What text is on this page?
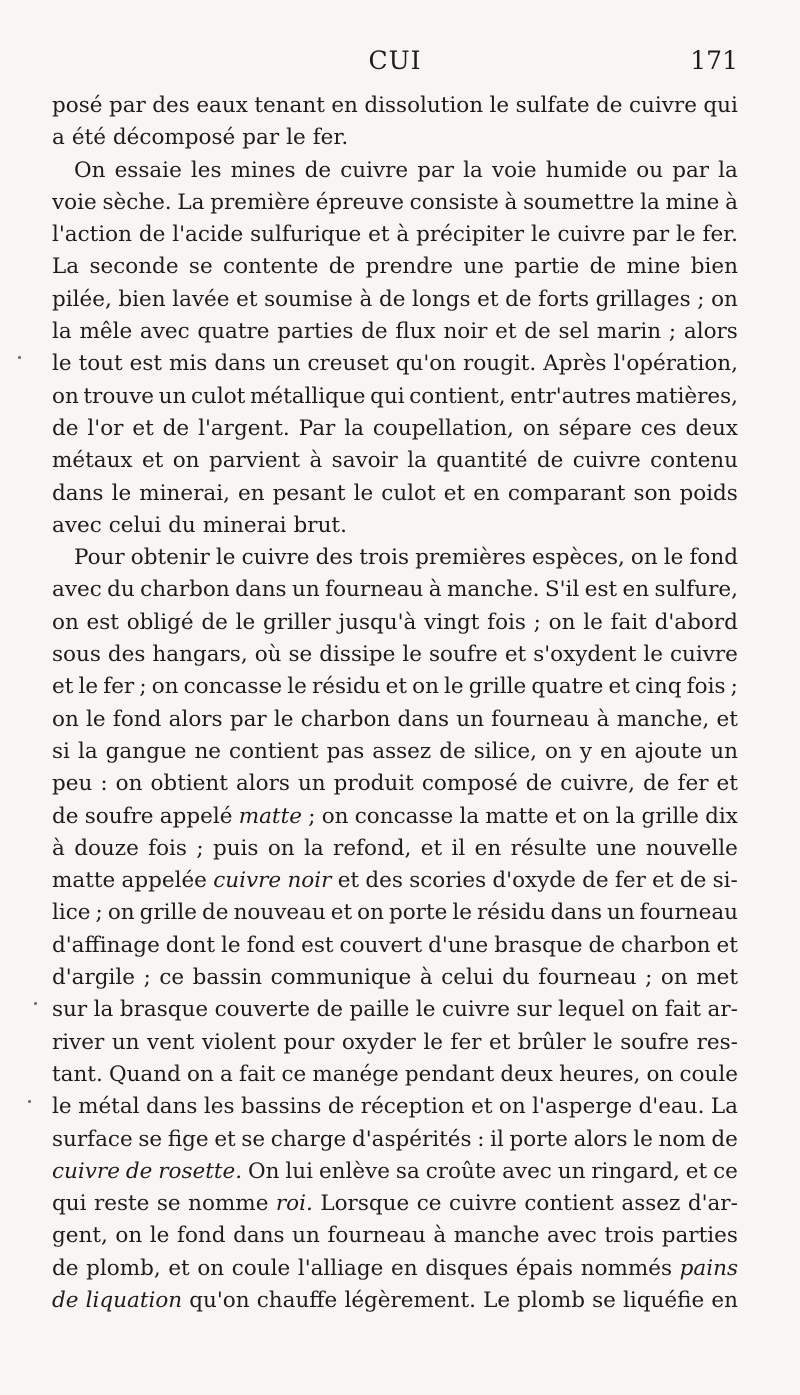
CUI	171
posé par des eaux tenant en dissolution le sulfate de cuivre qui
a été décomposé par le fer.
On essaie les mines de cuivre par la voie humide ou par la
voie sèche. La première épreuve consiste à soumettre la mine à
l'action de l'acide sulfurique et à précipiter le cuivre par le fer.
La seconde se contente de prendre une partie de mine bien
pilée, bien lavée et soumise à de longs et de forts grillages ; on
la mêle avec quatre parties de flux noir et de sel marin ; alors
le tout est mis dans un creuset qu'on rougit. Après l'opération,
on trouve un culot métallique qui contient, entr'autres matières,
de l'or et de l'argent. Par la coupellation, on sépare ces deux
métaux et on parvient à savoir la quantité de cuivre contenu
dans le minerai, en pesant le culot et en comparant son poids
avec celui du minerai brut.
Pour obtenir le cuivre des trois premières espèces, on le fond
avec du charbon dans un fourneau à manche. S'il est en sulfure,
on est obligé de le griller jusqu'à vingt fois ; on le fait d'abord
sous des hangars, où se dissipe le soufre et s'oxydent le cuivre
et le fer ; on concasse le résidu et on le grille quatre et cinq fois ;
on le fond alors par le charbon dans un fourneau à manche, et
si la gangue ne contient pas assez de silice, on y en ajoute un
peu : on obtient alors un produit composé de cuivre, de fer et
de soufre appelé matte ; on concasse la matte et on la grille dix
à douze fois ; puis on la refond, et il en résulte une nouvelle
matte appelée cuivre noir et des scories d'oxyde de fer et de si-
lice ; on grille de nouveau et on porte le résidu dans un fourneau
d'affinage dont le fond est couvert d'une brasque de charbon et
d'argile ; ce bassin communique à celui du fourneau ; on met
sur la brasque couverte de paille le cuivre sur lequel on fait ar-
river un vent violent pour oxyder le fer et brûler le soufre res-
tant. Quand on a fait ce manége pendant deux heures, on coule
le métal dans les bassins de réception et on l'asperge d'eau. La
surface se fige et se charge d'aspérités : il porte alors le nom de
cuivre de rosette. On lui enlève sa croûte avec un ringard, et ce
qui reste se nomme roi. Lorsque ce cuivre contient assez d'ar-
gent, on le fond dans un fourneau à manche avec trois parties
de plomb, et on coule l'alliage en disques épais nommés pains
de liquation qu'on chauffe légèrement. Le plomb se liquéfie en
